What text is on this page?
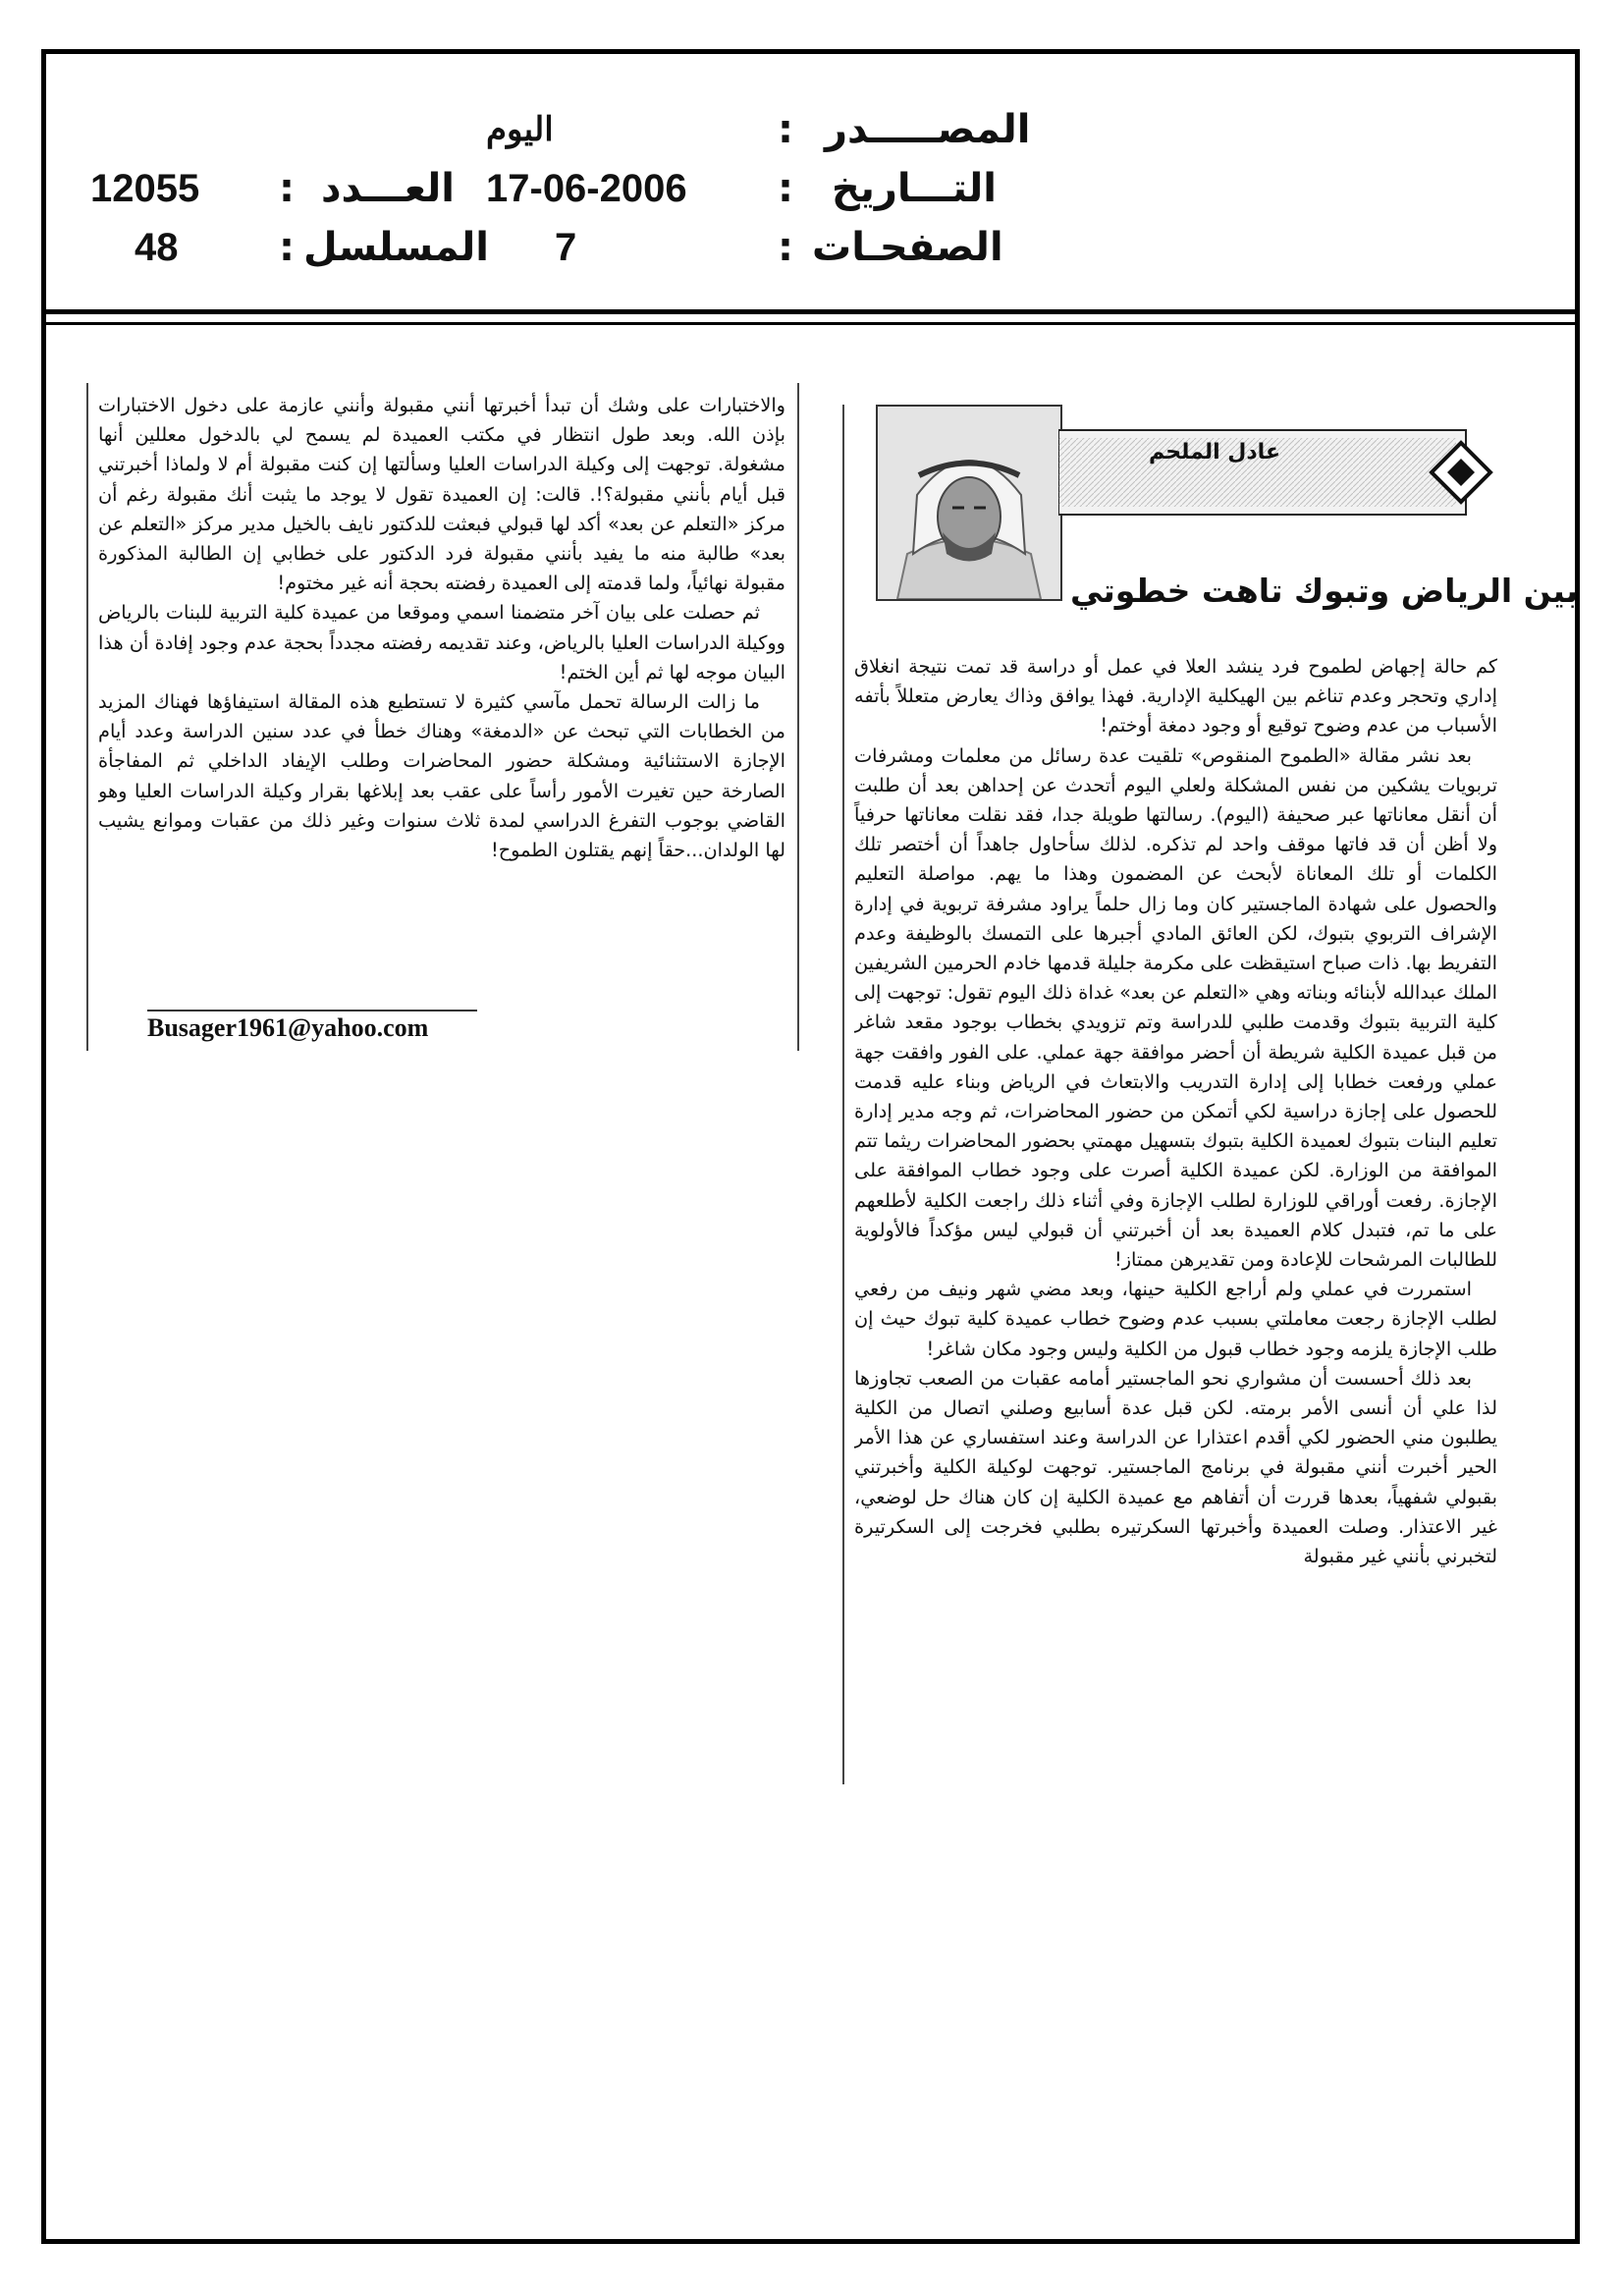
المصـــــدر
:
اليوم
التـــاريخ
:
17-06-2006
العـــدد
:
12055
الصفحـات
:
7
المسلسل
:
48

والاختبارات على وشك أن تبدأ أخبرتها أنني مقبولة وأنني عازمة على دخول الاختبارات بإذن الله. وبعد طول انتظار في مكتب العميدة لم يسمح لي بالدخول معللين أنها مشغولة. توجهت إلى وكيلة الدراسات العليا وسألتها إن كنت مقبولة أم لا ولماذا أخبرتني قبل أيام بأنني مقبولة؟!. قالت: إن العميدة تقول لا يوجد ما يثبت أنك مقبولة رغم أن مركز «التعلم عن بعد» أكد لها قبولي فبعثت للدكتور نايف بالخيل مدير مركز «التعلم عن بعد» طالبة منه ما يفيد بأنني مقبولة فرد الدكتور على خطابي إن الطالبة المذكورة مقبولة نهائياً، ولما قدمته إلى العميدة رفضته بحجة أنه غير مختوم!

ثم حصلت على بيان آخر متضمنا اسمي وموقعا من عميدة كلية التربية للبنات بالرياض ووكيلة الدراسات العليا بالرياض، وعند تقديمه رفضته مجدداً بحجة عدم وجود إفادة أن هذا البيان موجه لها ثم أين الختم!

ما زالت الرسالة تحمل مآسي كثيرة لا تستطيع هذه المقالة استيفاؤها فهناك المزيد من الخطابات التي تبحث عن «الدمغة» وهناك خطأ في عدد سنين الدراسة وعدد أيام الإجازة الاستثنائية ومشكلة حضور المحاضرات وطلب الإيفاد الداخلي ثم المفاجأة الصارخة حين تغيرت الأمور رأساً على عقب بعد إبلاغها بقرار وكيلة الدراسات العليا وهو القاضي بوجوب التفرغ الدراسي لمدة ثلاث سنوات وغير ذلك من عقبات وموانع يشيب لها الولدان...حقاً إنهم يقتلون الطموح!

Busager1961@yahoo.com
عادل الملحم
بين الرياض وتبوك تاهت خطوتي

كم حالة إجهاض لطموح فرد ينشد العلا في عمل أو دراسة قد تمت نتيجة انغلاق إداري وتحجر وعدم تناغم بين الهيكلية الإدارية. فهذا يوافق وذاك يعارض متعللاً بأتفه الأسباب من عدم وضوح توقيع أو وجود دمغة أوختم!

بعد نشر مقالة «الطموح المنقوص» تلقيت عدة رسائل من معلمات ومشرفات تربويات يشكين من نفس المشكلة ولعلي اليوم أتحدث عن إحداهن بعد أن طلبت أن أنقل معاناتها عبر صحيفة (اليوم). رسالتها طويلة جدا، فقد نقلت معاناتها حرفياً ولا أظن أن قد فاتها موقف واحد لم تذكره. لذلك سأحاول جاهداً أن أختصر تلك الكلمات أو تلك المعاناة لأبحث عن المضمون وهذا ما يهم. مواصلة التعليم والحصول على شهادة الماجستير كان وما زال حلماً يراود مشرفة تربوية في إدارة الإشراف التربوي بتبوك، لكن العائق المادي أجبرها على التمسك بالوظيفة وعدم التفريط بها. ذات صباح استيقظت على مكرمة جليلة قدمها خادم الحرمين الشريفين الملك عبدالله لأبنائه وبناته وهي «التعلم عن بعد» غداة ذلك اليوم تقول: توجهت إلى كلية التربية بتبوك وقدمت طلبي للدراسة وتم تزويدي بخطاب بوجود مقعد شاغر من قبل عميدة الكلية شريطة أن أحضر موافقة جهة عملي. على الفور وافقت جهة عملي ورفعت خطابا إلى إدارة التدريب والابتعاث في الرياض وبناء عليه قدمت للحصول على إجازة دراسية لكي أتمكن من حضور المحاضرات، ثم وجه مدير إدارة تعليم البنات بتبوك لعميدة الكلية بتبوك بتسهيل مهمتي بحضور المحاضرات ريثما تتم الموافقة من الوزارة. لكن عميدة الكلية أصرت على وجود خطاب الموافقة على الإجازة. رفعت أوراقي للوزارة لطلب الإجازة وفي أثناء ذلك راجعت الكلية لأطلعهم على ما تم، فتبدل كلام العميدة بعد أن أخبرتني أن قبولي ليس مؤكداً فالأولوية للطالبات المرشحات للإعادة ومن تقديرهن ممتاز!

استمررت في عملي ولم أراجع الكلية حينها، وبعد مضي شهر ونيف من رفعي لطلب الإجازة رجعت معاملتي بسبب عدم وضوح خطاب عميدة كلية تبوك حيث إن طلب الإجازة يلزمه وجود خطاب قبول من الكلية وليس وجود مكان شاغر!

بعد ذلك أحسست أن مشواري نحو الماجستير أمامه عقبات من الصعب تجاوزها لذا علي أن أنسى الأمر برمته. لكن قبل عدة أسابيع وصلني اتصال من الكلية يطلبون مني الحضور لكي أقدم اعتذارا عن الدراسة وعند استفساري عن هذا الأمر الحير أخبرت أنني مقبولة في برنامج الماجستير. توجهت لوكيلة الكلية وأخبرتني بقبولي شفهياً، بعدها قررت أن أتفاهم مع عميدة الكلية إن كان هناك حل لوضعي، غير الاعتذار. وصلت العميدة وأخبرتها السكرتيره بطلبي فخرجت إلى السكرتيرة لتخبرني بأنني غير مقبولة
